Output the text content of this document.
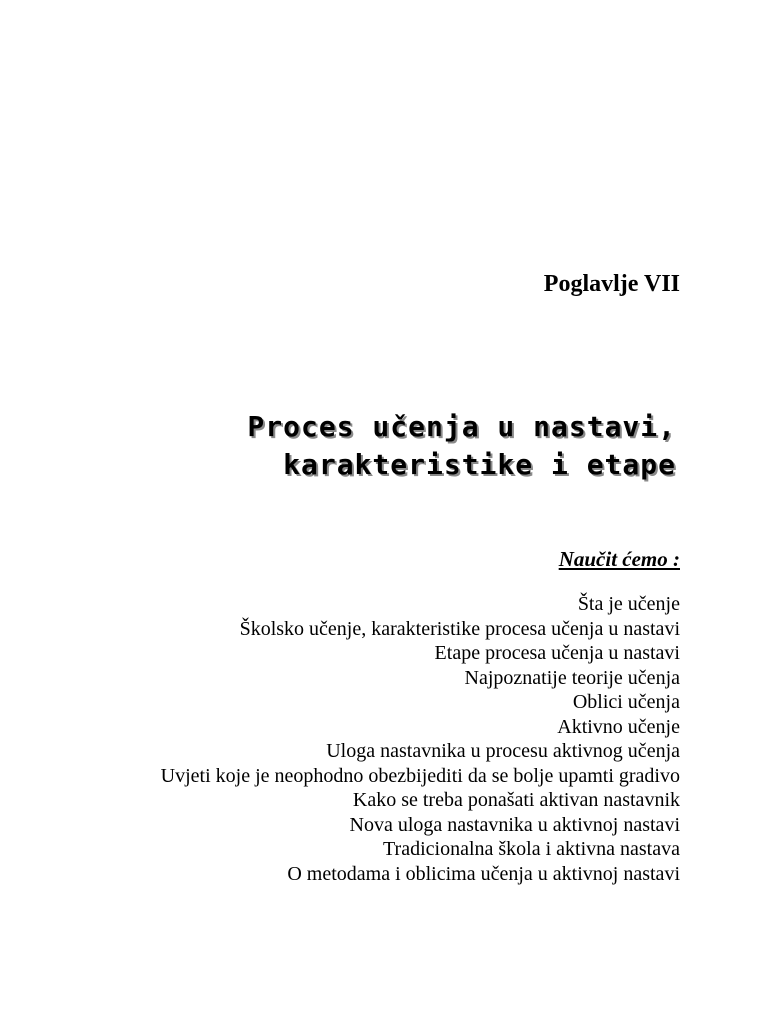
Poglavlje VII
Proces učenja u nastavi,
karakteristike i etape
Naučit ćemo :
Šta je učenje
Školsko učenje, karakteristike procesa učenja u nastavi
Etape procesa učenja u nastavi
Najpoznatije teorije učenja
Oblici učenja
Aktivno učenje
Uloga nastavnika u procesu aktivnog učenja
Uvjeti koje je neophodno obezbijediti da se bolje upamti gradivo
Kako se treba ponašati aktivan nastavnik
Nova uloga nastavnika u aktivnoj nastavi
Tradicionalna škola i aktivna nastava
O metodama i oblicima učenja u aktivnoj nastavi
